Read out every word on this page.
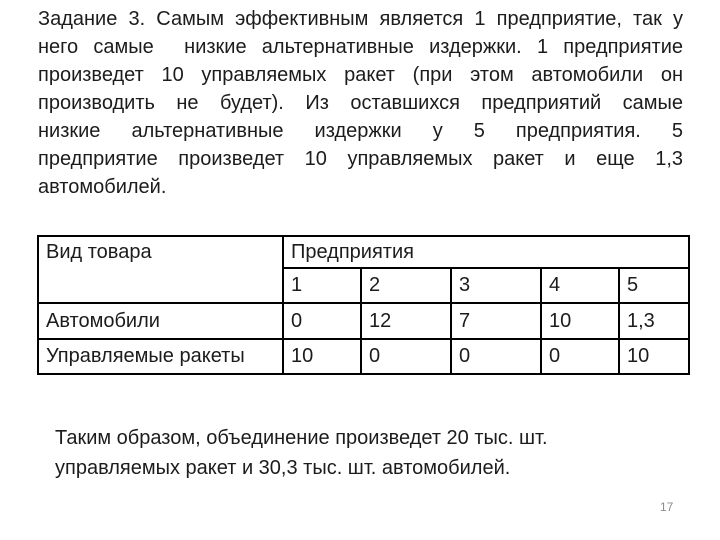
Задание 3. Самым эффективным является 1 предприятие, так у
него самые  низкие альтернативные издержки. 1 предприятие
произведет 10 управляемых ракет (при этом автомобили он
производить не будет). Из оставшихся предприятий самые
низкие альтернативные издержки у 5 предприятия. 5
предприятие произведет 10 управляемых ракет и еще 1,3
автомобилей.
Вид товара	Предприятия				
	1	2	3	4	5
Автомобили	0	12	7	10	1,3
Управляемые ракеты	10	0	0	0	10
Таким образом, объединение произведет 20 тыс. шт.
управляемых ракет и 30,3 тыс. шт. автомобилей.
17
